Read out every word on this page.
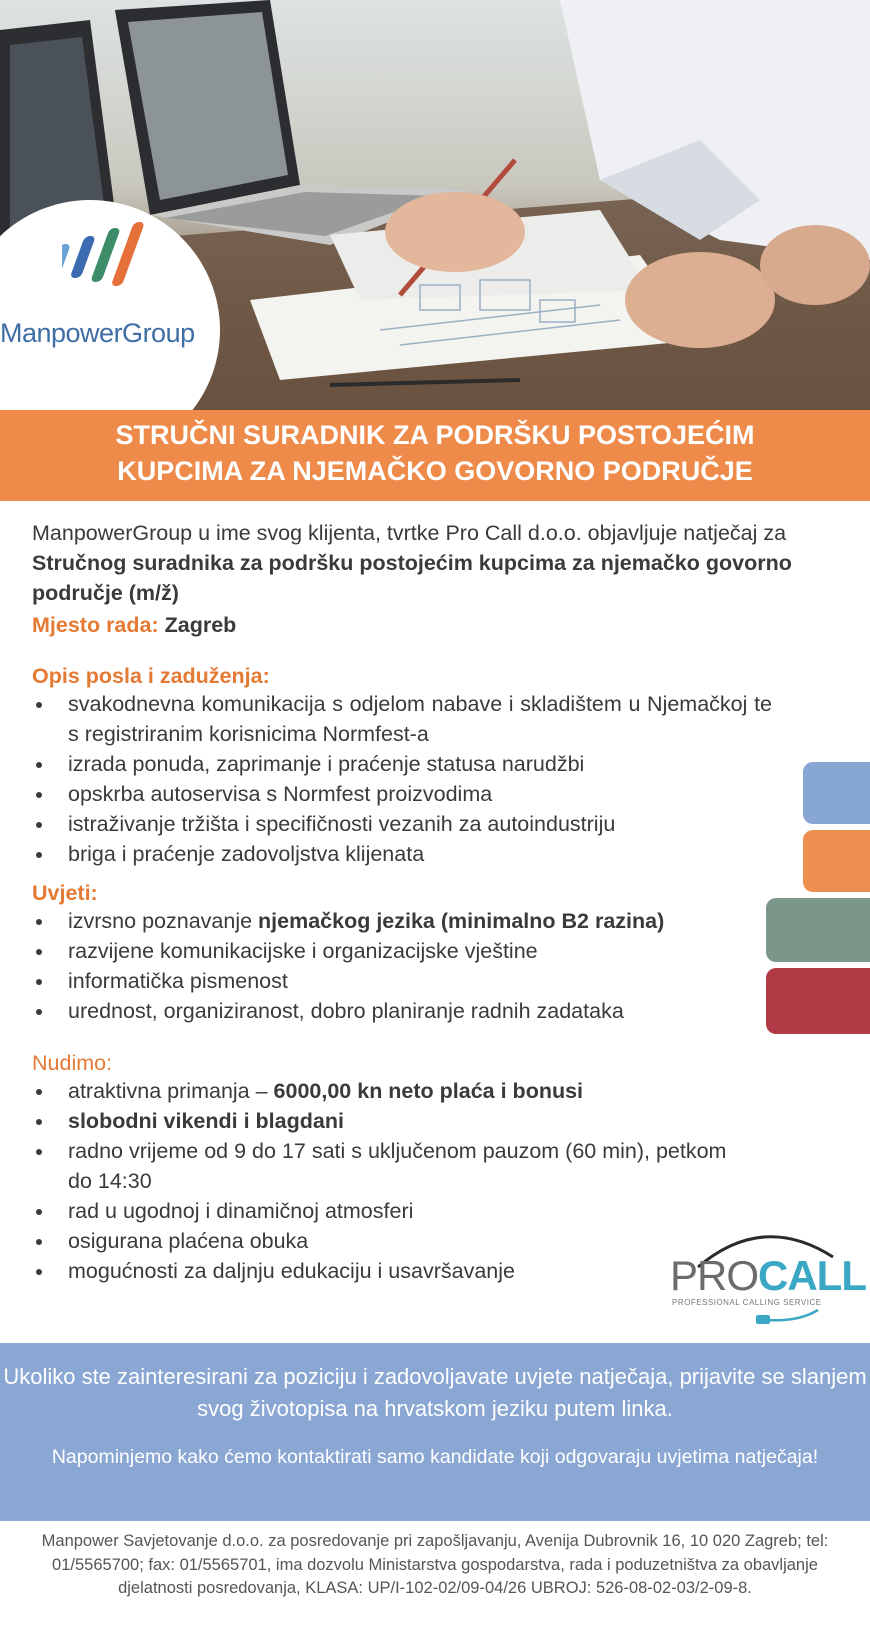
ManpowerGroup
STRUČNI SURADNIK ZA PODRŠKU POSTOJEĆIM
KUPCIMA ZA NJEMAČKO GOVORNO PODRUČJE
ManpowerGroup u ime svog klijenta, tvrtke Pro Call d.o.o. objavljuje natječaj za Stručnog suradnika za podršku postojećim kupcima za njemačko govorno područje (m/ž)
Mjesto rada: Zagreb
Opis posla i zaduženja:
svakodnevna komunikacija s odjelom nabave i skladištem u Njemačkoj te s registriranim korisnicima Normfest-a
izrada ponuda, zaprimanje i praćenje statusa narudžbi
opskrba autoservisa s Normfest proizvodima
istraživanje tržišta i specifičnosti vezanih za autoindustriju
briga i praćenje zadovoljstva klijenata
Uvjeti:
izvrsno poznavanje njemačkog jezika (minimalno B2 razina)
razvijene komunikacijske i organizacijske vještine
informatička pismenost
urednost, organiziranost, dobro planiranje radnih zadataka
Nudimo:
atraktivna primanja – 6000,00 kn neto plaća i bonusi
slobodni vikendi i blagdani
radno vrijeme od 9 do 17 sati s uključenom pauzom (60 min), petkom do 14:30
rad u ugodnoj i dinamičnoj atmosferi
osigurana plaćena obuka
mogućnosti za daljnju edukaciju i usavršavanje	PROCALL
PROFESSIONAL CALLING SERVICE
Ukoliko ste zainteresirani za poziciju i zadovoljavate uvjete natječaja, prijavite se slanjem svog životopisa na hrvatskom jeziku putem linka.
Napominjemo kako ćemo kontaktirati samo kandidate koji odgovaraju uvjetima natječaja!
Manpower Savjetovanje d.o.o. za posredovanje pri zapošljavanju, Avenija Dubrovnik 16, 10 020 Zagreb; tel: 01/5565700; fax: 01/5565701, ima dozvolu Ministarstva gospodarstva, rada i poduzetništva za obavljanje djelatnosti posredovanja, KLASA: UP/I-102-02/09-04/26 UBROJ: 526-08-02-03/2-09-8.
